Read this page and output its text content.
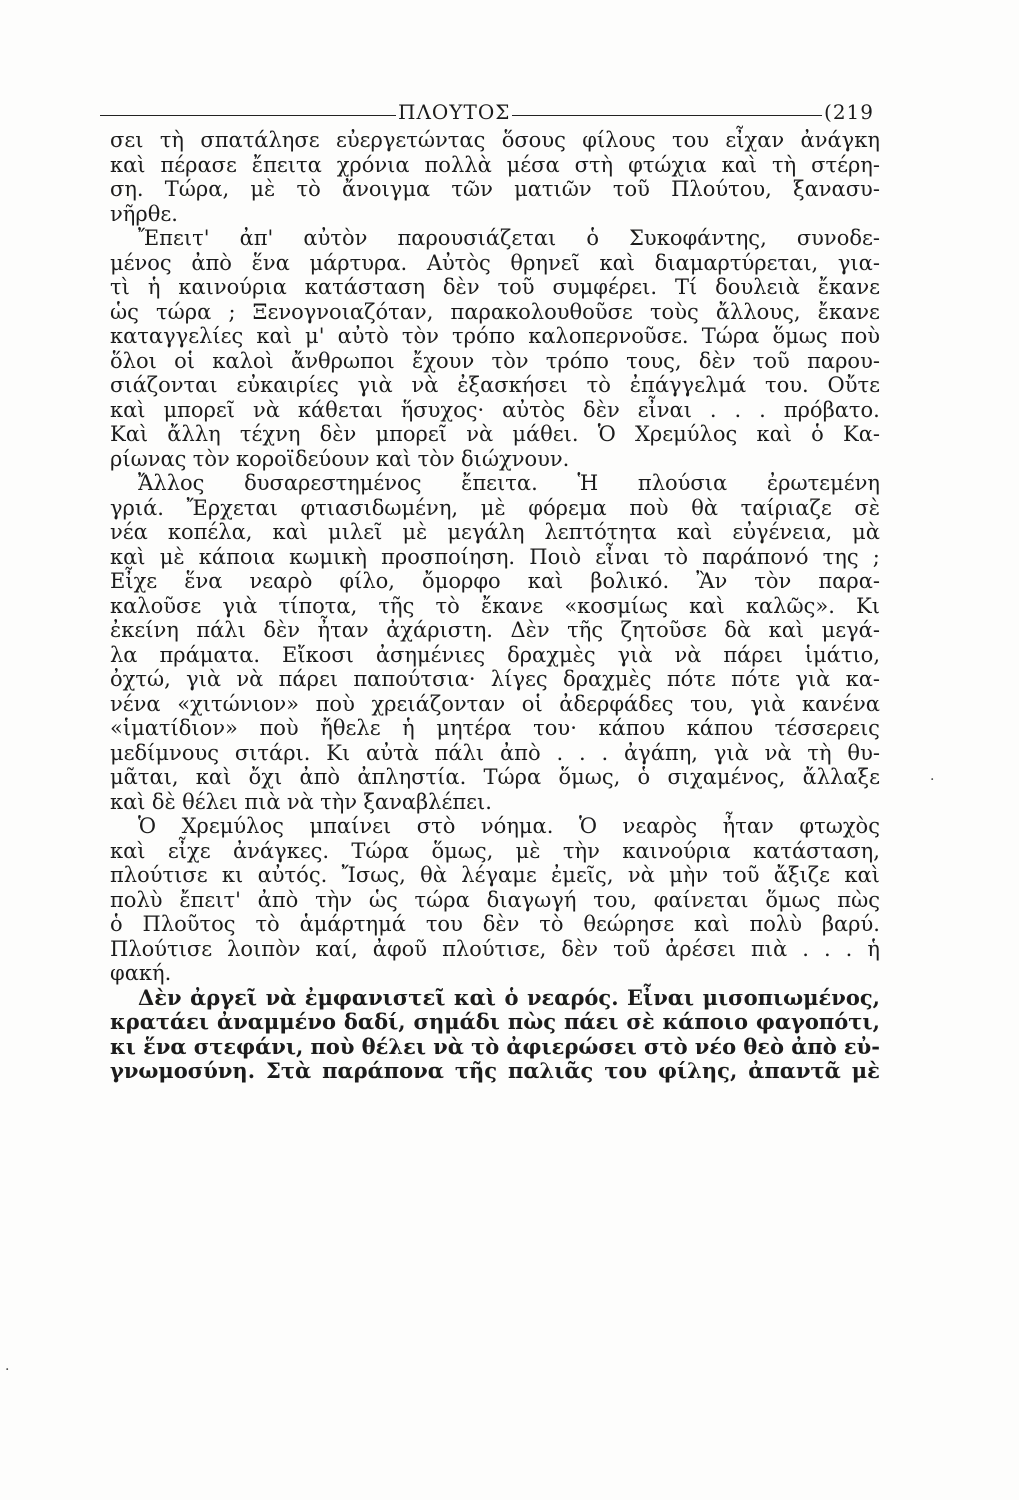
ΠΛΟΥΤΟΣ	(219
σει τὴ σπατάλησε εὐεργετώντας ὅσους φίλους του εἶχαν ἀνάγκη
καὶ πέρασε ἔπειτα χρόνια πολλὰ μέσα στὴ φτώχια καὶ τὴ στέρη-
ση. Τώρα, μὲ τὸ ἄνοιγμα τῶν ματιῶν τοῦ Πλούτου, ξανασυ-
νῆρθε.
Ἔπειτ' ἀπ' αὐτὸν παρουσιάζεται ὁ Συκοφάντης, συνοδε-
μένος ἀπὸ ἕνα μάρτυρα. Αὐτὸς θρηνεῖ καὶ διαμαρτύρεται, για-
τὶ ἡ καινούρια κατάσταση δὲν τοῦ συμφέρει. Τί δουλειὰ ἔκανε
ὡς τώρα ; Ξενογνοιαζόταν, παρακολουθοῦσε τοὺς ἄλλους, ἔκανε
καταγγελίες καὶ μ' αὐτὸ τὸν τρόπο καλοπερνοῦσε. Τώρα ὅμως ποὺ
ὅλοι οἱ καλοὶ ἄνθρωποι ἔχουν τὸν τρόπο τους, δὲν τοῦ παρου-
σιάζονται εὐκαιρίες γιὰ νὰ ἐξασκήσει τὸ ἐπάγγελμά του. Οὔτε
καὶ μπορεῖ νὰ κάθεται ἥσυχος· αὐτὸς δὲν εἶναι . . . πρόβατο.
Καὶ ἄλλη τέχνη δὲν μπορεῖ νὰ μάθει. Ὁ Χρεμύλος καὶ ὁ Κα-
ρίωνας τὸν κοροϊδεύουν καὶ τὸν διώχνουν.
Ἄλλος δυσαρεστημένος ἔπειτα. Ἡ πλούσια ἐρωτεμένη
γριά. Ἔρχεται φτιασιδωμένη, μὲ φόρεμα ποὺ θὰ ταίριαζε σὲ
νέα κοπέλα, καὶ μιλεῖ μὲ μεγάλη λεπτότητα καὶ εὐγένεια, μὰ
καὶ μὲ κάποια κωμικὴ προσποίηση. Ποιὸ εἶναι τὸ παράπονό της ;
Εἶχε ἕνα νεαρὸ φίλο, ὄμορφο καὶ βολικό. Ἂν τὸν παρα-
καλοῦσε γιὰ τίποτα, τῆς τὸ ἔκανε «κοσμίως καὶ καλῶς». Κι
ἐκείνη πάλι δὲν ἦταν ἀχάριστη. Δὲν τῆς ζητοῦσε δὰ καὶ μεγά-
λα πράματα. Εἴκοσι ἀσημένιες δραχμὲς γιὰ νὰ πάρει ἱμάτιο,
ὀχτώ, γιὰ νὰ πάρει παπούτσια· λίγες δραχμὲς πότε πότε γιὰ κα-
νένα «χιτώνιον» ποὺ χρειάζονταν οἱ ἀδερφάδες του, γιὰ κανένα
«ἱματίδιον» ποὺ ἤθελε ἡ μητέρα του· κάπου κάπου τέσσερεις
μεδίμνους σιτάρι. Κι αὐτὰ πάλι ἀπὸ . . . ἀγάπη, γιὰ νὰ τὴ θυ-
μᾶται, καὶ ὄχι ἀπὸ ἀπληστία. Τώρα ὅμως, ὁ σιχαμένος, ἄλλαξε
καὶ δὲ θέλει πιὰ νὰ τὴν ξαναβλέπει.
Ὁ Χρεμύλος μπαίνει στὸ νόημα. Ὁ νεαρὸς ἦταν φτωχὸς
καὶ εἶχε ἀνάγκες. Τώρα ὅμως, μὲ τὴν καινούρια κατάσταση,
πλούτισε κι αὐτός. Ἴσως, θὰ λέγαμε ἐμεῖς, νὰ μὴν τοῦ ἄξιζε καὶ
πολὺ ἔπειτ' ἀπὸ τὴν ὡς τώρα διαγωγή του, φαίνεται ὅμως πὼς
ὁ Πλοῦτος τὸ ἁμάρτημά του δὲν τὸ θεώρησε καὶ πολὺ βαρύ.
Πλούτισε λοιπὸν καί, ἀφοῦ πλούτισε, δὲν τοῦ ἀρέσει πιὰ . . . ἡ
φακή.
Δὲν ἀργεῖ νὰ ἐμφανιστεῖ καὶ ὁ νεαρός. Εἶναι μισοπιωμένος,
κρατάει ἀναμμένο δαδί, σημάδι πὼς πάει σὲ κάποιο φαγοπότι,
κι ἕνα στεφάνι, ποὺ θέλει νὰ τὸ ἀφιερώσει στὸ νέο θεὸ ἀπὸ εὐ-
γνωμοσύνη. Στὰ παράπονα τῆς παλιᾶς του φίλης, ἀπαντᾶ μὲ
·
·
